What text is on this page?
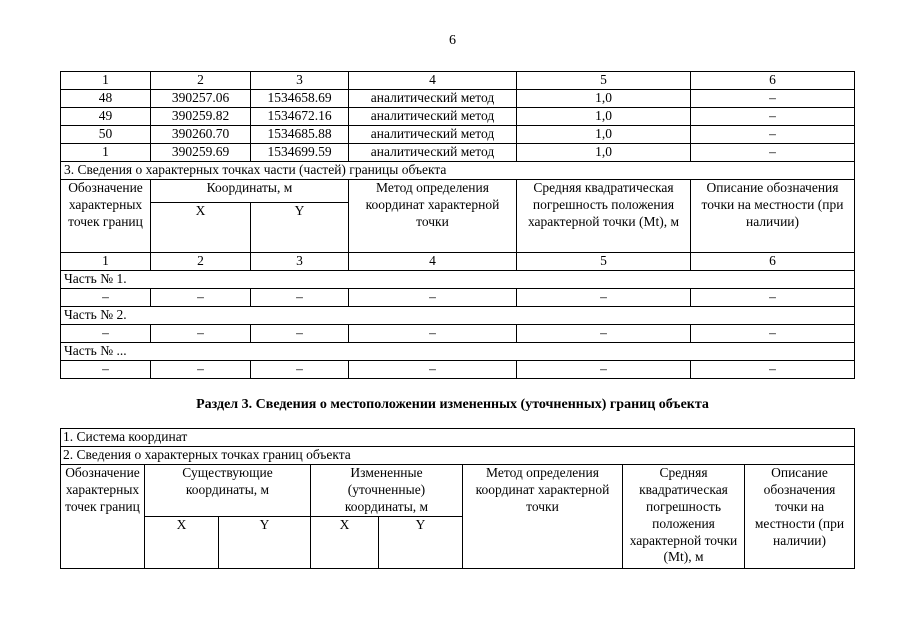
6
1	2	3	4	5	6
48	390257.06	1534658.69	аналитический метод	1,0	–
49	390259.82	1534672.16	аналитический метод	1,0	–
50	390260.70	1534685.88	аналитический метод	1,0	–
1	390259.69	1534699.59	аналитический метод	1,0	–
3. Сведения о характерных точках части (частей) границы объекта					
Обозначение характерных точек границ	Координаты, м		Метод определения координат характерной точки	Средняя квадратическая погрешность положения характерной точки (Mt), м	Описание обозначения точки на местности (при наличии)
	X	Y			
1	2	3	4	5	6
Часть № 1.					
–	–	–	–	–	–
Часть № 2.					
–	–	–	–	–	–
Часть № ...					
–	–	–	–	–	–
Раздел 3. Сведения о местоположении измененных (уточненных) границ объекта
1. Система координат							
2. Сведения о характерных точках границ объекта							
Обозначение характерных точек границ	Существующие координаты, м		Измененные (уточненные) координаты, м		Метод определения координат характерной точки	Средняя квадратическая погрешность положения характерной точки (Mt), м	Описание обозначения точки на местности (при наличии)
	X	Y	X	Y			
